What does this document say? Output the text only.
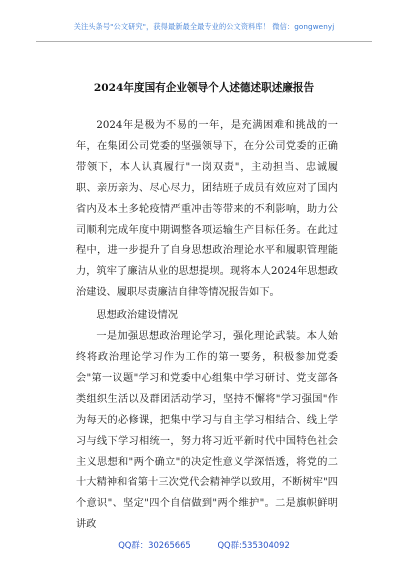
关注头条号"公文研究"，获得最新最全最专业的公文资料库！ 微信：gongwenyj
2024年度国有企业领导个人述德述职述廉报告

2024年是极为不易的一年，是充满困难和挑战的一年，在集团公司党委的坚强领导下，在分公司党委的正确带领下，本人认真履行"一岗双责"，主动担当、忠诚履职、亲历亲为、尽心尽力，团结班子成员有效应对了国内省内及本土多轮疫情严重冲击等带来的不利影响，助力公司顺利完成年度中期调整各项运输生产目标任务。在此过程中，进一步提升了自身思想政治理论水平和履职管理能力，筑牢了廉洁从业的思想提坝。现将本人2024年思想政治建设、履职尽责廉洁自律等情况报告如下。

思想政治建设情况

一是加强思想政治理论学习，强化理论武装。本人始终将政治理论学习作为工作的第一要务，积极参加党委会"第一议题"学习和党委中心组集中学习研讨、党支部各类组织生活以及群团活动学习，坚持不懈将"学习强国"作为每天的必修课，把集中学习与自主学习相结合、线上学习与线下学习相统一，努力将习近平新时代中国特色社会主义思想和"两个确立"的决定性意义学深悟透，将党的二十大精神和省第十三次党代会精神学以致用，不断树牢"四个意识"、坚定"四个自信做到"两个维护"。二是旗帜鲜明讲政

QQ群：30265665	QQ群:535304092
